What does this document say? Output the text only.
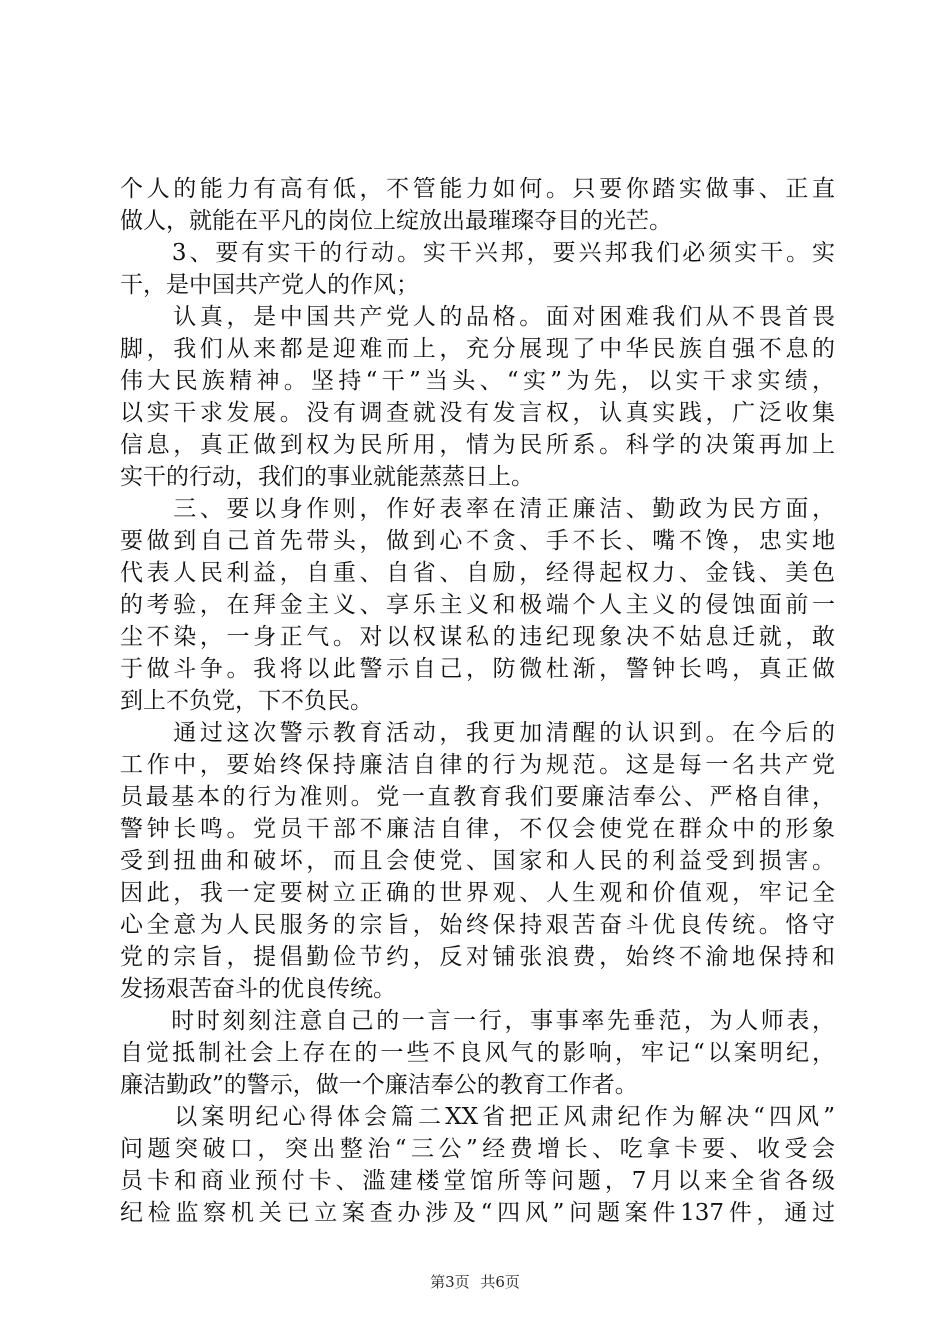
个人的能力有高有低，不管能力如何。只要你踏实做事、正直
做人，就能在平凡的岗位上绽放出最璀璨夺目的光芒。
　　3、要有实干的行动。实干兴邦，要兴邦我们必须实干。实
干，是中国共产党人的作风；
　　认真，是中国共产党人的品格。面对困难我们从不畏首畏
脚，我们从来都是迎难而上，充分展现了中华民族自强不息的
伟大民族精神。坚持“干”当头、“实”为先，以实干求实绩，
以实干求发展。没有调查就没有发言权，认真实践，广泛收集
信息，真正做到权为民所用，情为民所系。科学的决策再加上
实干的行动，我们的事业就能蒸蒸日上。
　　三、要以身作则，作好表率在清正廉洁、勤政为民方面，
要做到自己首先带头，做到心不贪、手不长、嘴不馋，忠实地
代表人民利益，自重、自省、自励，经得起权力、金钱、美色
的考验，在拜金主义、享乐主义和极端个人主义的侵蚀面前一
尘不染，一身正气。对以权谋私的违纪现象决不姑息迁就，敢
于做斗争。我将以此警示自己，防微杜渐，警钟长鸣，真正做
到上不负党，下不负民。
　　通过这次警示教育活动，我更加清醒的认识到。在今后的
工作中，要始终保持廉洁自律的行为规范。这是每一名共产党
员最基本的行为准则。党一直教育我们要廉洁奉公、严格自律，
警钟长鸣。党员干部不廉洁自律，不仅会使党在群众中的形象
受到扭曲和破坏，而且会使党、国家和人民的利益受到损害。
因此，我一定要树立正确的世界观、人生观和价值观，牢记全
心全意为人民服务的宗旨，始终保持艰苦奋斗优良传统。恪守
党的宗旨，提倡勤俭节约，反对铺张浪费，始终不渝地保持和
发扬艰苦奋斗的优良传统。
　　时时刻刻注意自己的一言一行，事事率先垂范，为人师表，
自觉抵制社会上存在的一些不良风气的影响，牢记“以案明纪，
廉洁勤政”的警示，做一个廉洁奉公的教育工作者。
　　以案明纪心得体会篇二XX省把正风肃纪作为解决“四风”
问题突破口，突出整治“三公”经费增长、吃拿卡要、收受会
员卡和商业预付卡、滥建楼堂馆所等问题，7月以来全省各级
纪检监察机关已立案查办涉及“四风”问题案件137件，通过
第3页 共6页
